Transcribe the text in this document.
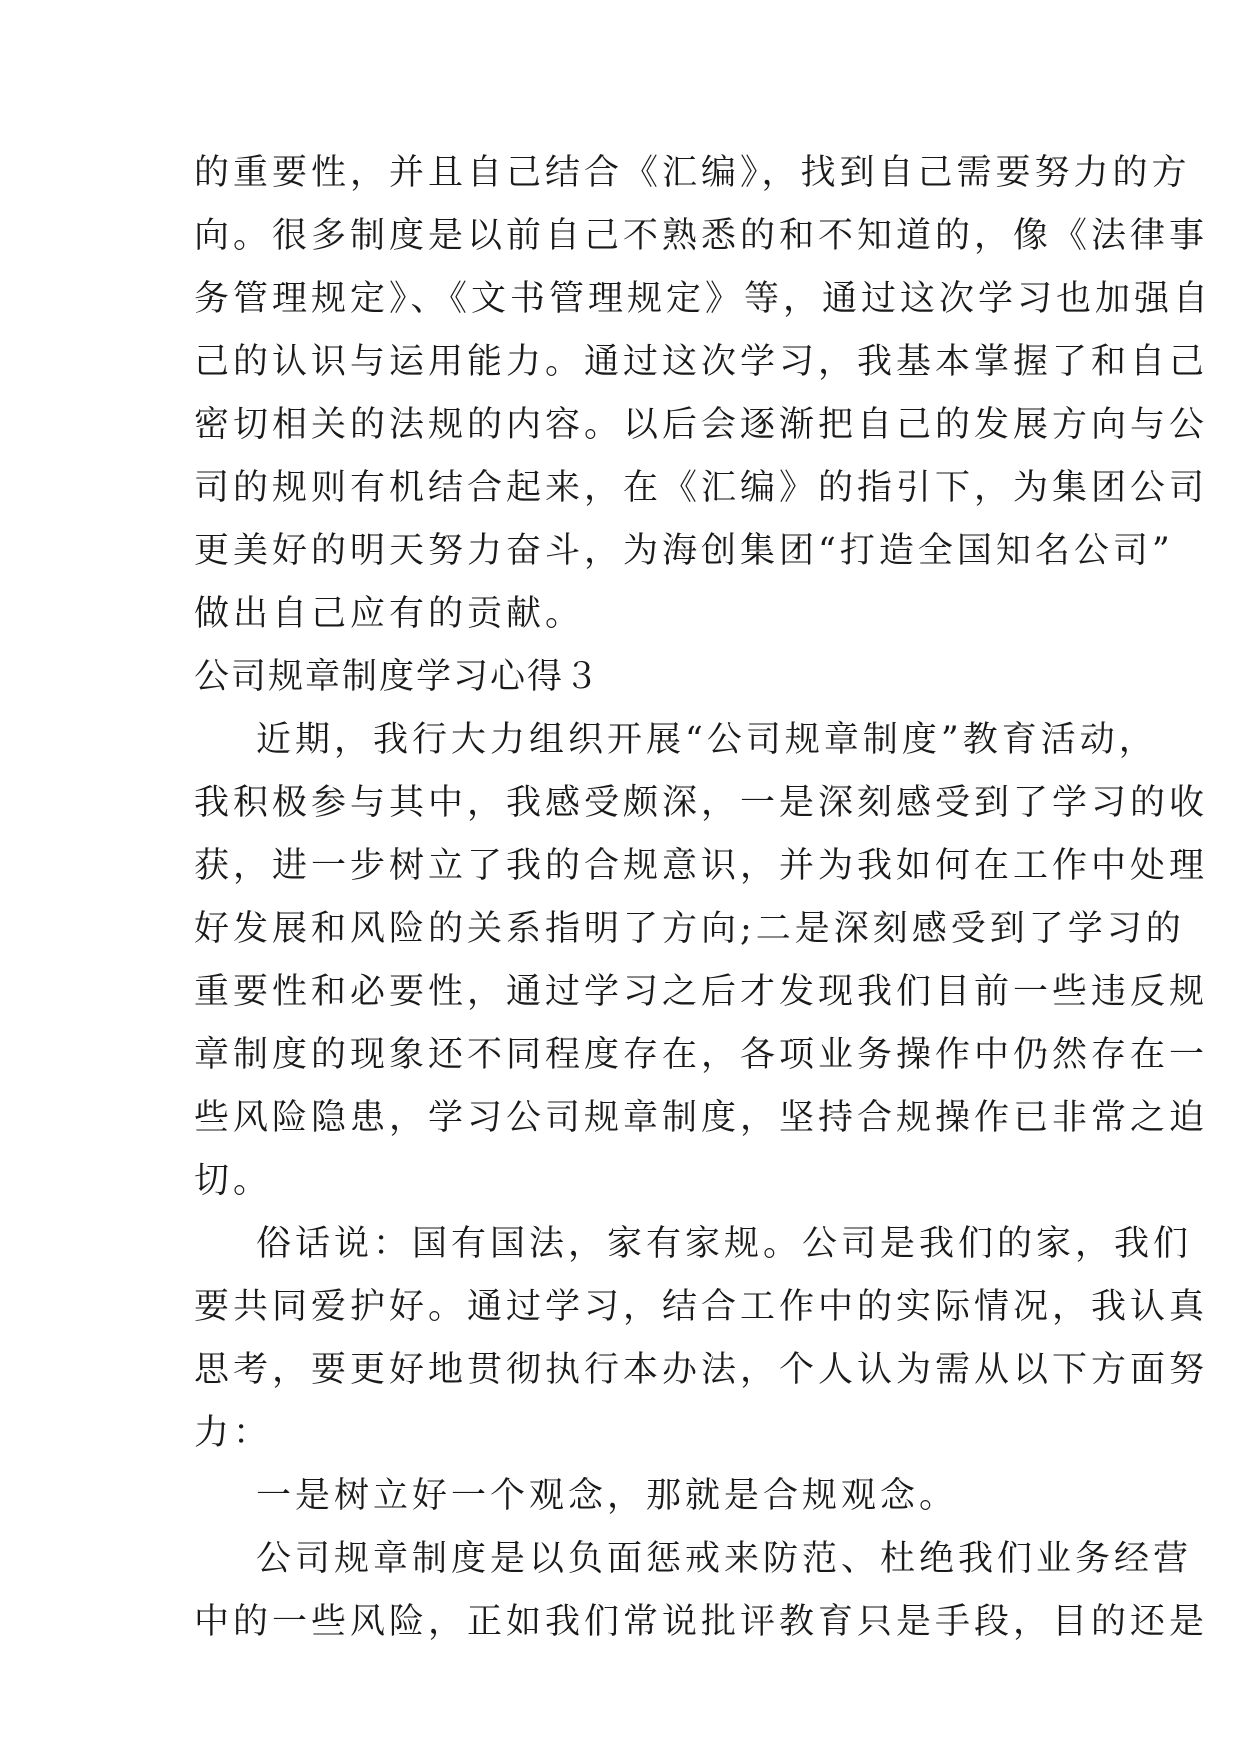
的重要性，并且自己结合《汇编》，找到自己需要努力的方
向。很多制度是以前自己不熟悉的和不知道的，像《法律事
务管理规定》、《文书管理规定》等，通过这次学习也加强自
己的认识与运用能力。通过这次学习，我基本掌握了和自己
密切相关的法规的内容。以后会逐渐把自己的发展方向与公
司的规则有机结合起来，在《汇编》的指引下，为集团公司
更美好的明天努力奋斗，为海创集团“打造全国知名公司”
做出自己应有的贡献。
公司规章制度学习心得３
近期，我行大力组织开展“公司规章制度”教育活动，
我积极参与其中，我感受颇深，一是深刻感受到了学习的收
获，进一步树立了我的合规意识，并为我如何在工作中处理
好发展和风险的关系指明了方向;二是深刻感受到了学习的
重要性和必要性，通过学习之后才发现我们目前一些违反规
章制度的现象还不同程度存在，各项业务操作中仍然存在一
些风险隐患，学习公司规章制度，坚持合规操作已非常之迫
切。
俗话说：国有国法，家有家规。公司是我们的家，我们
要共同爱护好。通过学习，结合工作中的实际情况，我认真
思考，要更好地贯彻执行本办法，个人认为需从以下方面努
力：
一是树立好一个观念，那就是合规观念。
公司规章制度是以负面惩戒来防范、杜绝我们业务经营
中的一些风险，正如我们常说批评教育只是手段，目的还是
